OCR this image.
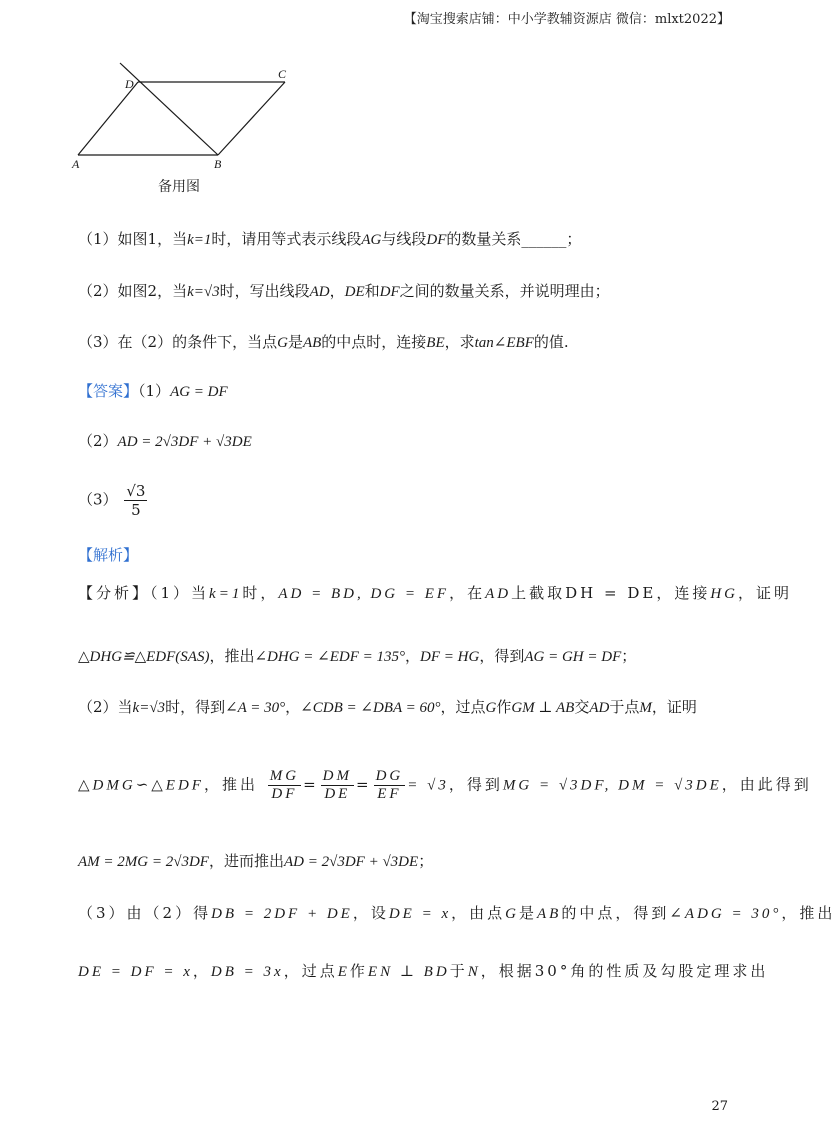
【淘宝搜索店铺：中小学教辅资源店 微信：mlxt2022】
A	B
C
D
备用图
（1）如图1，当k=1时，请用等式表示线段AG与线段DF的数量关系______；
（2）如图2，当k=√3时，写出线段AD，DE和DF之间的数量关系，并说明理由；
（3）在（2）的条件下，当点G是AB的中点时，连接BE，求tan∠EBF的值.
【答案】（1）AG = DF
（2）AD = 2√3DF + √3DE
$(3) \frac{√3}{5}$
【解析】
【分析】（1）当k=1时，AD = BD, DG = EF，在AD上截取DH = DE，连接HG，证明
△DHG≌△EDF(SAS)，推出∠DHG = ∠EDF = 135°，DF = HG，得到AG = GH = DF；
（2）当k=√3时，得到∠A = 30°，∠CDB = ∠DBA = 60°，过点G作GM ⊥ AB交AD于点M，证明
△DMG∽△EDF，推出 $\frac{MG}{DF} = \frac{DM}{DE} = \frac{DG}{EF} = √3$，得到MG = √3DF, DM = √3DE，由此得到
AM = 2MG = 2√3DF，进而推出AD = 2√3DF + √3DE；
（3）由（2）得DB = 2DF + DE，设DE = x，由点G是AB的中点，得到∠ADG = 30°，推出
DE = DF = x，DB = 3x，过点E作EN ⊥ BD于N，根据30°角的性质及勾股定理求出
27
